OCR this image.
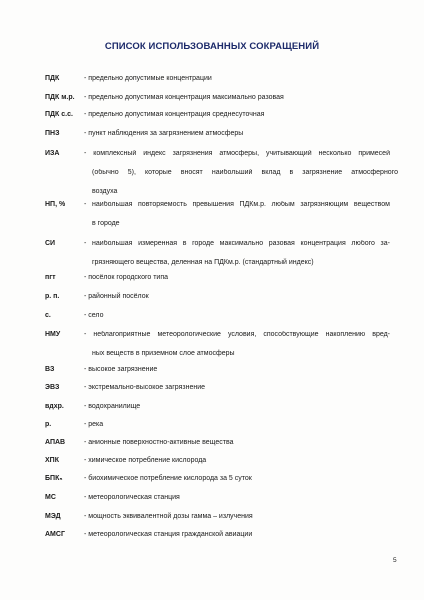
СПИСОК ИСПОЛЬЗОВАННЫХ СОКРАЩЕНИЙ
ПДК	- предельно допустимые концентрации
ПДК м.р. - предельно допустимая концентрация максимально разовая
ПДК с.с. - предельно допустимая концентрация среднесуточная
ПНЗ	- пункт наблюдения за загрязнением атмосферы
ИЗА	- комплексный индекс загрязнения атмосферы, учитывающий несколько примесей
(обычно 5), которые вносят наибольший вклад в загрязнение атмосферного
воздуха
НП, %	- наибольшая повторяемость превышения ПДКм.р. любым загрязняющим веществом
в городе
СИ	- наибольшая измеренная в городе максимально разовая концентрация любого за-
грязняющего вещества, деленная на ПДКм.р. (стандартный индекс)
пгт	- посёлок городского типа
р. п.	- районный посёлок
с.	- село
НМУ	- неблагоприятные метеорологические условия, способствующие накоплению вред-
ных веществ в приземном слое атмосферы
ВЗ	- высокое загрязнение
ЭВЗ	- экстремально-высокое загрязнение
вдхр.	- водохранилище
р.	- река
АПАВ	- анионные поверхностно-активные вещества
ХПК	- химическое потребление кислорода
БПК₅	- биохимическое потребление кислорода за 5 суток
МС	- метеорологическая станция
МЭД	- мощность эквивалентной дозы гамма – излучения
АМСГ	- метеорологическая станция гражданской авиации
5
